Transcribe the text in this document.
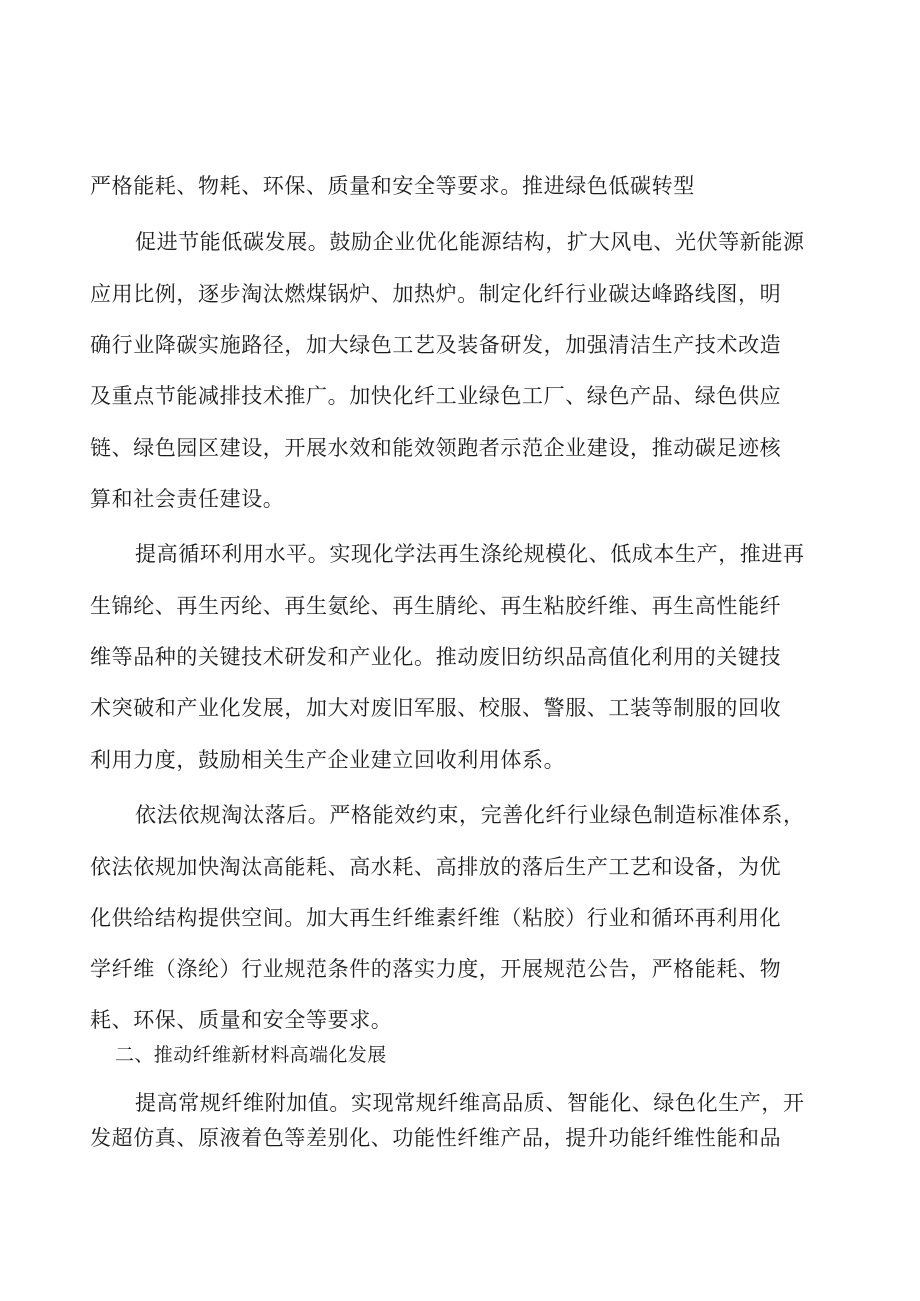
严格能耗、物耗、环保、质量和安全等要求。推进绿色低碳转型
促进节能低碳发展。鼓励企业优化能源结构，扩大风电、光伏等新能源
应用比例，逐步淘汰燃煤锅炉、加热炉。制定化纤行业碳达峰路线图，明
确行业降碳实施路径，加大绿色工艺及装备研发，加强清洁生产技术改造
及重点节能减排技术推广。加快化纤工业绿色工厂、绿色产品、绿色供应
链、绿色园区建设，开展水效和能效领跑者示范企业建设，推动碳足迹核
算和社会责任建设。
提高循环利用水平。实现化学法再生涤纶规模化、低成本生产，推进再
生锦纶、再生丙纶、再生氨纶、再生腈纶、再生粘胶纤维、再生高性能纤
维等品种的关键技术研发和产业化。推动废旧纺织品高值化利用的关键技
术突破和产业化发展，加大对废旧军服、校服、警服、工装等制服的回收
利用力度，鼓励相关生产企业建立回收利用体系。
依法依规淘汰落后。严格能效约束，完善化纤行业绿色制造标准体系，
依法依规加快淘汰高能耗、高水耗、高排放的落后生产工艺和设备，为优
化供给结构提供空间。加大再生纤维素纤维（粘胶）行业和循环再利用化
学纤维（涤纶）行业规范条件的落实力度，开展规范公告，严格能耗、物
耗、环保、质量和安全等要求。
二、推动纤维新材料高端化发展
提高常规纤维附加值。实现常规纤维高品质、智能化、绿色化生产，开
发超仿真、原液着色等差别化、功能性纤维产品，提升功能纤维性能和品
